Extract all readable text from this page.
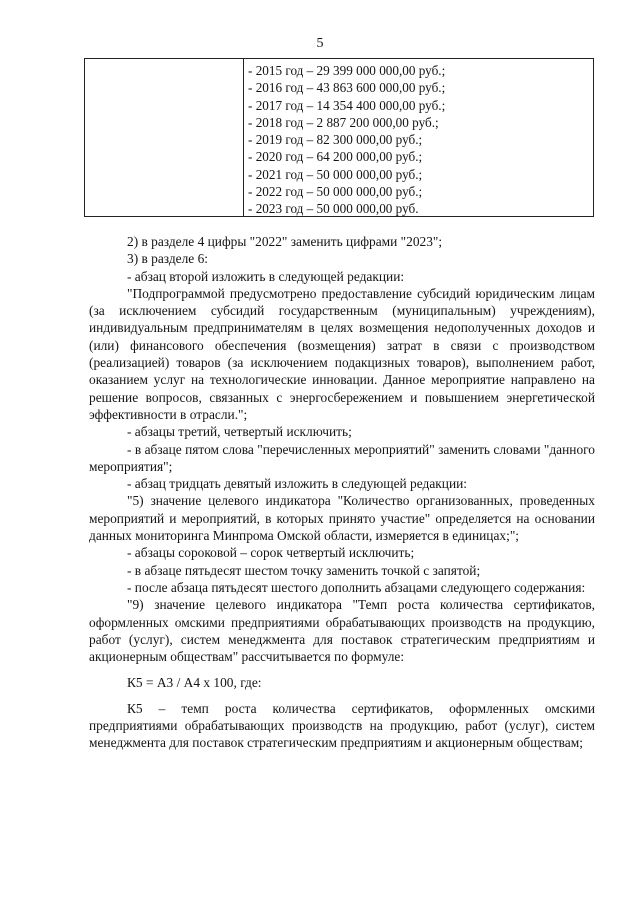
5
- 2015 год – 29 399 000 000,00 руб.;
- 2016 год – 43 863 600 000,00 руб.;
- 2017 год – 14 354 400 000,00 руб.;
- 2018 год – 2 887 200 000,00 руб.;
- 2019 год – 82 300 000,00 руб.;
- 2020 год – 64 200 000,00 руб.;
- 2021 год – 50 000 000,00 руб.;
- 2022 год – 50 000 000,00 руб.;
- 2023 год – 50 000 000,00 руб.

2) в разделе 4 цифры "2022" заменить цифрами "2023";

3) в разделе 6:

- абзац второй изложить в следующей редакции:

"Подпрограммой предусмотрено предоставление субсидий юридическим лицам (за исключением субсидий государственным (муниципальным) учреждениям), индивидуальным предпринимателям в целях возмещения недополученных доходов и (или) финансового обеспечения (возмещения) затрат в связи с производством (реализацией) товаров (за исключением подакцизных товаров), выполнением работ, оказанием услуг на технологические инновации. Данное мероприятие направлено на решение вопросов, связанных с энергосбережением и повышением энергетической эффективности в отрасли.";

- абзацы третий, четвертый исключить;

- в абзаце пятом слова "перечисленных мероприятий" заменить словами "данного мероприятия";

- абзац тридцать девятый изложить в следующей редакции:

"5) значение целевого индикатора "Количество организованных, проведенных мероприятий и мероприятий, в которых принято участие" определяется на основании данных мониторинга Минпрома Омской области, измеряется в единицах;";

- абзацы сороковой – сорок четвертый исключить;

- в абзаце пятьдесят шестом точку заменить точкой с запятой;

- после абзаца пятьдесят шестого дополнить абзацами следующего содержания:

"9) значение целевого индикатора "Темп роста количества сертификатов, оформленных омскими предприятиями обрабатывающих производств на продукцию, работ (услуг), систем менеджмента для поставок стратегическим предприятиям и акционерным обществам" рассчитывается по формуле:

К5 = А3 / А4 х 100, где:

К5 – темп роста количества сертификатов, оформленных омскими предприятиями обрабатывающих производств на продукцию, работ (услуг), систем менеджмента для поставок стратегическим предприятиям и акционерным обществам;
